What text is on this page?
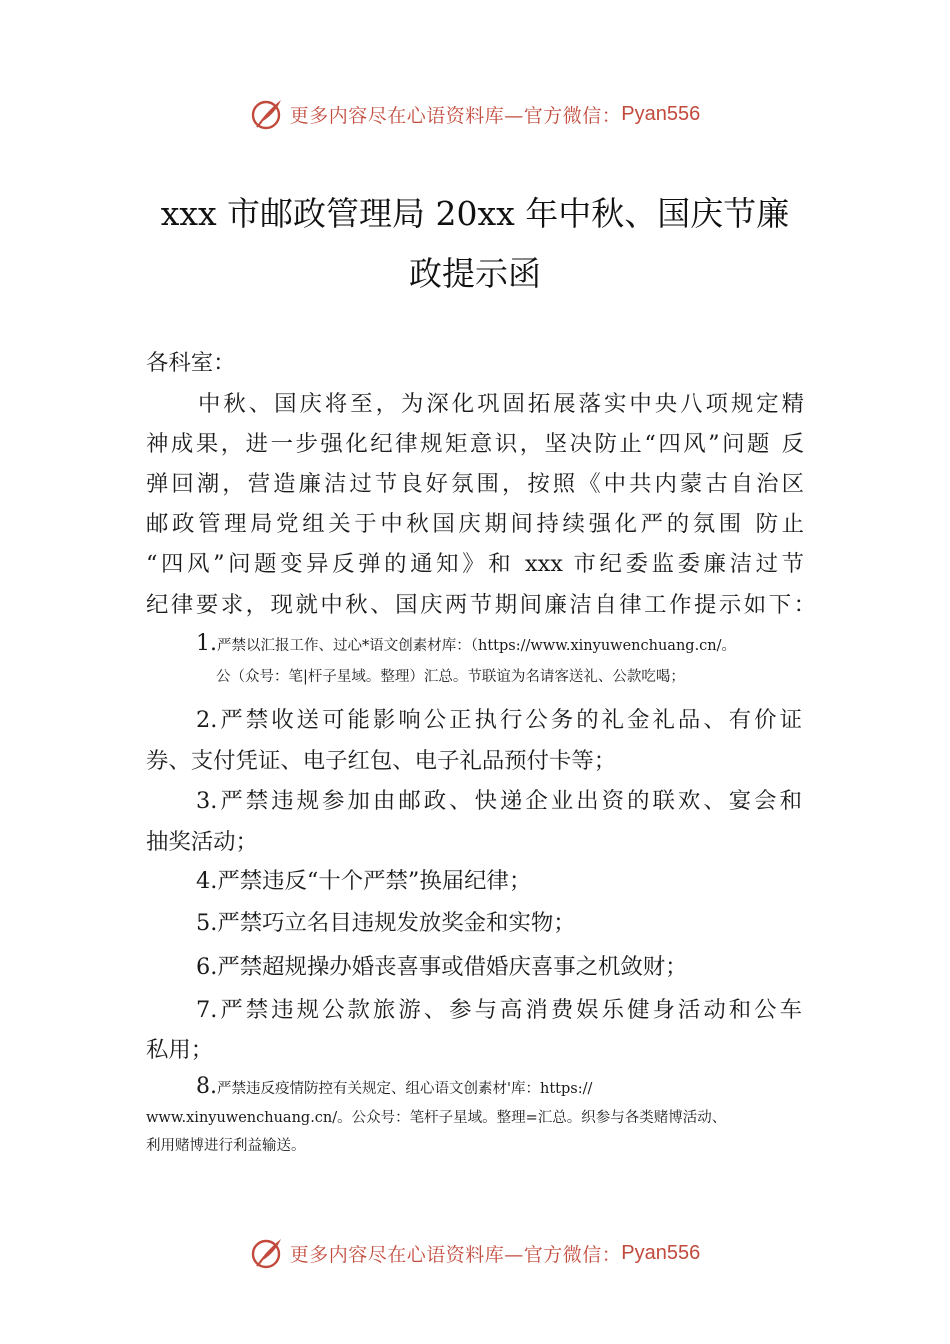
更多内容尽在心语资料库—官方微信： Pyan556
xxx 市邮政管理局 20xx 年中秋、国庆节廉
政提示函

各科室：

中秋、国庆将至，为深化巩固拓展落实中央八项规定精

神成果，进一步强化纪律规矩意识，坚决防止“四风”问题 反

弹回潮，营造廉洁过节良好氛围，按照《中共内蒙古自治区

邮政管理局党组关于中秋国庆期间持续强化严的氛围 防止

“四风”问题变异反弹的通知》和 xxx 市纪委监委廉洁过节

纪律要求，现就中秋、国庆两节期间廉洁自律工作提示如下：

1.严禁以汇报工作、过心*语文创素材库：（https://www.xinyuwenchuang.cn/。

公（众号：笔|杆子星域。整理）汇总。节联谊为名请客送礼、公款吃喝；

2.严禁收送可能影响公正执行公务的礼金礼品、有价证

券、支付凭证、电子红包、电子礼品预付卡等；

3.严禁违规参加由邮政、快递企业出资的联欢、宴会和

抽奖活动；

4.严禁违反“十个严禁”换届纪律；

5.严禁巧立名目违规发放奖金和实物；

6.严禁超规操办婚丧喜事或借婚庆喜事之机敛财；

7.严禁违规公款旅游、参与高消费娱乐健身活动和公车

私用；

8.严禁违反疫情防控有关规定、组心语文创素材'库：https://

www.xinyuwenchuang.cn/。公众号：笔杆子星域。整理=汇总。织参与各类赌博活动、

利用赌博进行利益输送。

更多内容尽在心语资料库—官方微信： Pyan556
